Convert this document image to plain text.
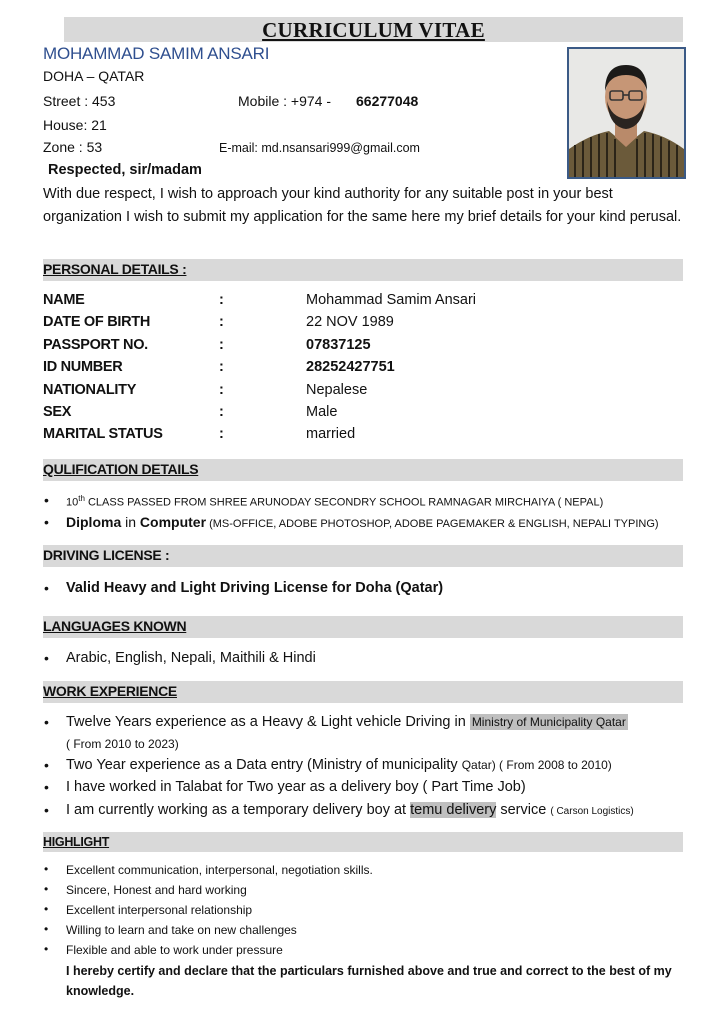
CURRICULUM VITAE
MOHAMMAD SAMIM ANSARI
DOHA – QATAR
Street : 453	Mobile : +974 - 66277048
House: 21
Zone : 53	E-mail: md.nsansari999@gmail.com
Respected, sir/madam
With due respect, I wish to approach your kind authority for any suitable post in your best organization I wish to submit my application for the same here my brief details for your kind perusal.
PERSONAL DETAILS :
NAME	:	Mohammad Samim Ansari
DATE OF BIRTH	:	22 NOV 1989
PASSPORT NO.	:	07837125
ID NUMBER	:	28252427751
NATIONALITY	:	Nepalese
SEX	:	Male
MARITAL STATUS	:	married
QULIFICATION DETAILS
• 10th CLASS PASSED FROM SHREE ARUNODAY SECONDRY SCHOOL RAMNAGAR MIRCHAIYA ( NEPAL)
• Diploma in Computer (MS-OFFICE, ADOBE PHOTOSHOP, ADOBE PAGEMAKER & ENGLISH, NEPALI TYPING)
DRIVING LICENSE :
• Valid Heavy and Light Driving License for Doha (Qatar)
LANGUAGES KNOWN
• Arabic, English, Nepali, Maithili & Hindi
WORK EXPERIENCE
• Twelve Years experience as a Heavy & Light vehicle Driving in Ministry of Municipality Qatar
( From 2010 to 2023)
• Two Year experience as a Data entry (Ministry of municipality Qatar) ( From 2008 to 2010)
• I have worked in Talabat for Two year as a delivery boy ( Part Time Job)
• I am currently working as a temporary delivery boy at temu delivery service ( Carson Logistics)
HIGHLIGHT
• Excellent communication, interpersonal, negotiation skills.
• Sincere, Honest and hard working
• Excellent interpersonal relationship
• Willing to learn and take on new challenges
• Flexible and able to work under pressure
I hereby certify and declare that the particulars furnished above and true and correct to the best of my knowledge.
